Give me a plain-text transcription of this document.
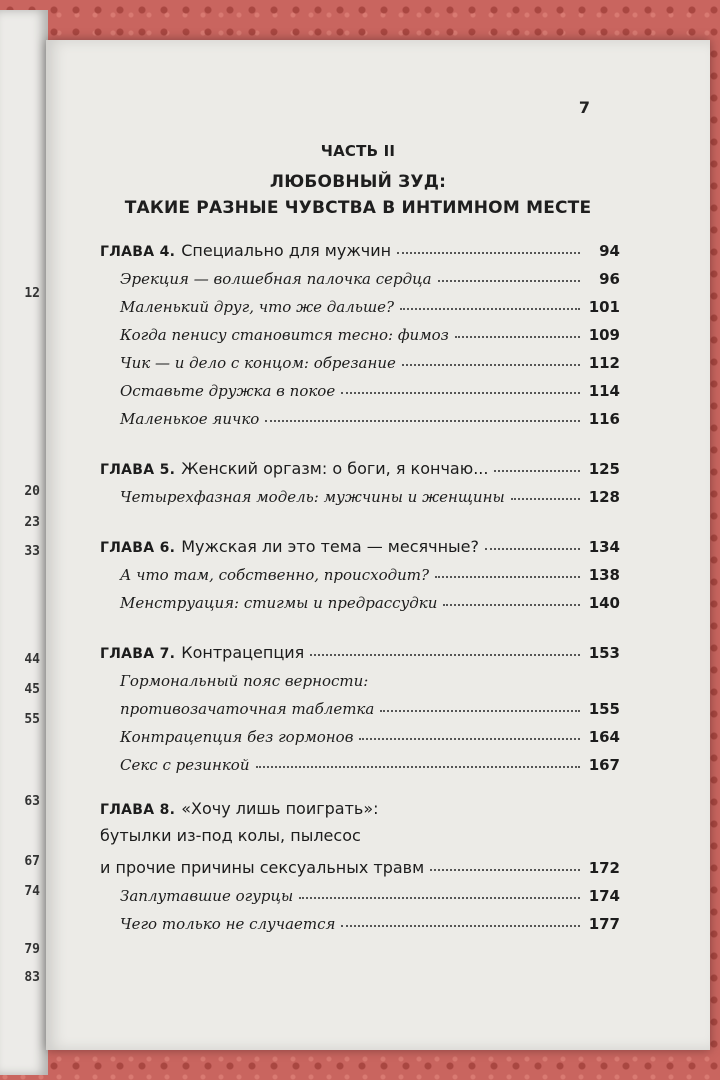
12
20
23
33
44
45
55
63
67
74
79
83
7
ЧАСТЬ II
ЛЮБОВНЫЙ ЗУД:
ТАКИЕ РАЗНЫЕ ЧУВСТВА В ИНТИМНОМ МЕСТЕ
ГЛАВА 4. Специально для мужчин	94
Эрекция — волшебная палочка сердца	96
Маленький друг, что же дальше?	101
Когда пенису становится тесно: фимоз	109
Чик — и дело с концом: обрезание	112
Оставьте дружка в покое	114
Маленькое яичко	116
ГЛАВА 5. Женский оргазм: о боги, я кончаю...	125
Четырехфазная модель: мужчины и женщины	128
ГЛАВА 6. Мужская ли это тема — месячные?	134
А что там, собственно, происходит?	138
Менструация: стигмы и предрассудки	140
ГЛАВА 7. Контрацепция	153
Гормональный пояс верности:
противозачаточная таблетка	155
Контрацепция без гормонов	164
Секс с резинкой	167
ГЛАВА 8. «Хочу лишь поиграть»:
бутылки из-под колы, пылесос
и прочие причины сексуальных травм	172
Заплутавшие огурцы	174
Чего только не случается	177
